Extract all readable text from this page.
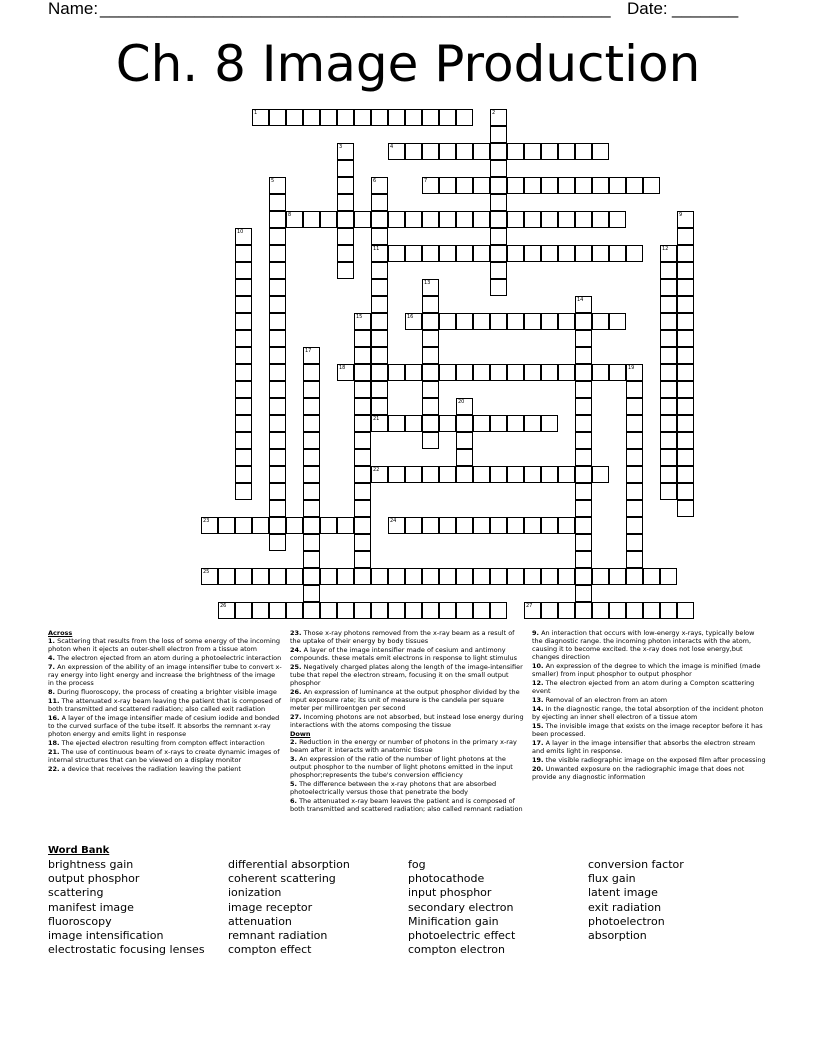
Name: ______________________________________________________ Date: _______
Ch. 8 Image Production
1	2
3	4
5	6
11
7
8	9
10
12
13
14
15	16
17
18	19
20
21
22
23	24
25
26	27
Across
1. Scattering that results from the loss of some energy of the incoming photon when it ejects an outer-shell electron from a tissue atom
4. The electron ejected from an atom during a photoelectric interaction
7. An expression of the ability of an image intensifier tube to convert x-ray energy into light energy and increase the brightness of the image in the process
8. During fluoroscopy, the process of creating a brighter visible image
11. The attenuated x-ray beam leaving the patient that is composed of both transmitted and scattered radiation; also called exit radiation
16. A layer of the image intensifier made of cesium iodide and bonded to the curved surface of the tube itself. It absorbs the remnant x-ray photon energy and emits light in response
18. The ejected electron resulting from compton effect interaction
21. The use of continuous beam of x-rays to create dynamic images of internal structures that can be viewed on a display monitor
22. a device that receives the radiation leaving the patient
23. Those x-ray photons removed from the x-ray beam as a result of the uptake of their energy by body tissues
24. A layer of the image intensifier made of cesium and antimony compounds. these metals emit electrons in response to light stimulus
25. Negatively charged plates along the length of the image-intensifier tube that repel the electron stream, focusing it on the small output phosphor
26. An expression of luminance at the output phosphor divided by the input exposure rate; its unit of measure is the candela per square meter per milliroentgen per second
27. Incoming photons are not absorbed, but instead lose energy during interactions with the atoms composing the tissue
Down
2. Reduction in the energy or number of photons in the primary x-ray beam after it interacts with anatomic tissue
3. An expression of the ratio of the number of light photons at the output phosphor to the number of light photons emitted in the input phosphor;represents the tube's conversion efficiency
5. The difference between the x-ray photons that are absorbed photoelectrically versus those that penetrate the body
6. The attenuated x-ray beam leaves the patient and is composed of both transmitted and scattered radiation; also called remnant radiation
9. An interaction that occurs with low-energy x-rays, typically below the diagnostic range. the incoming photon interacts with the atom, causing it to become excited. the x-ray does not lose energy,but changes direction
10. An expression of the degree to which the image is minified (made smaller) from input phosphor to output phosphor
12. The electron ejected from an atom during a Compton scattering event
13. Removal of an electron from an atom
14. In the diagnostic range, the total absorption of the incident photon by ejecting an inner shell electron of a tissue atom
15. The invisible image that exists on the image receptor before it has been processed.
17. A layer in the image intensifier that absorbs the electron stream and emits light in response.
19. the visible radiographic image on the exposed film after processing
20. Unwanted exposure on the radiographic image that does not provide any diagnostic information
Word Bank
brightness gain
output phosphor
scattering
manifest image
fluoroscopy
image intensification
electrostatic focusing lenses
differential absorption
coherent scattering
ionization
image receptor
attenuation
remnant radiation
compton effect
fog
photocathode
input phosphor
secondary electron
Minification gain
photoelectric effect
compton electron
conversion factor
flux gain
latent image
exit radiation
photoelectron
absorption
